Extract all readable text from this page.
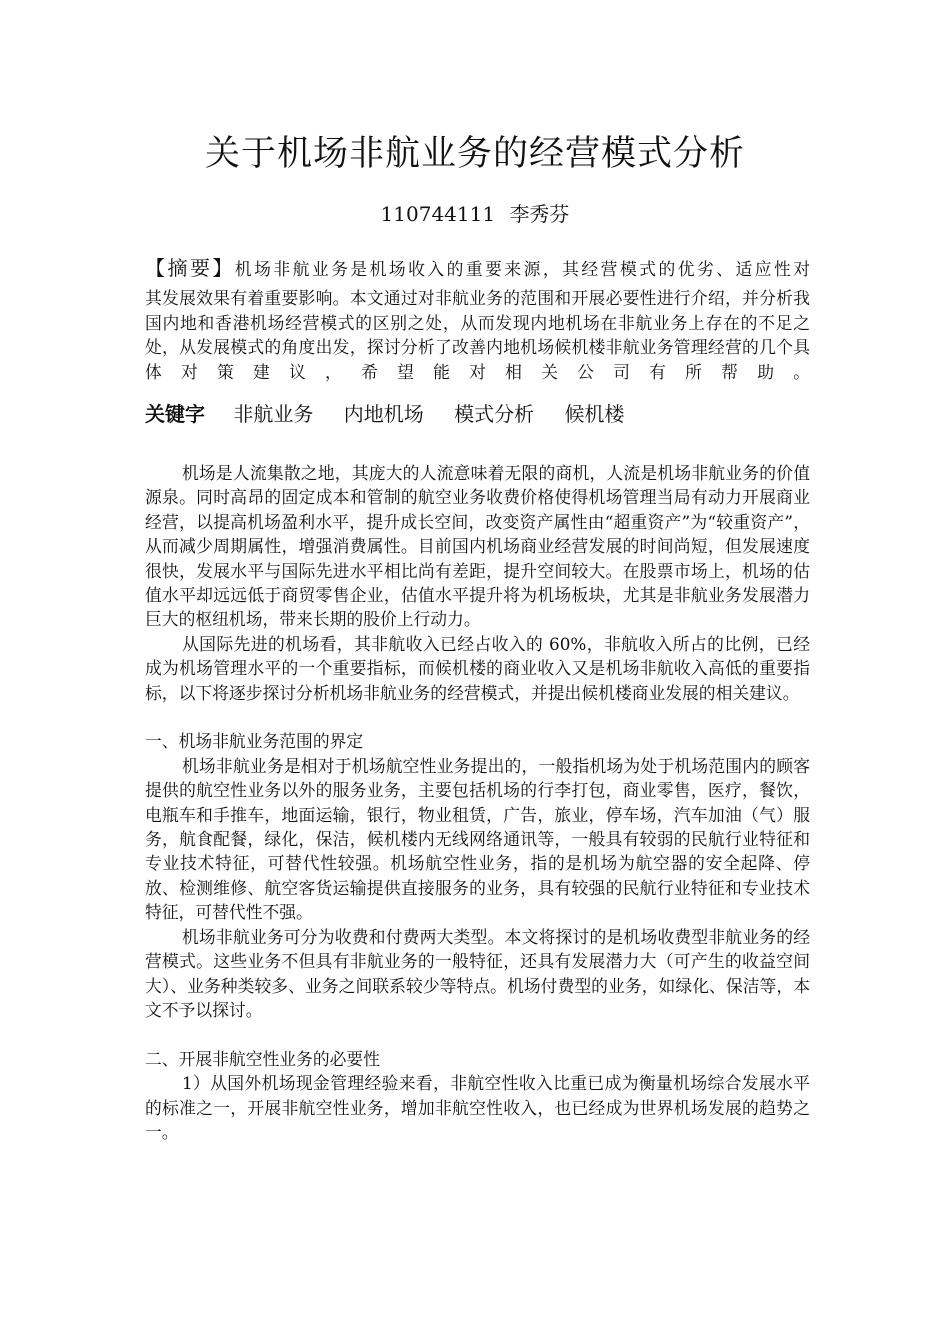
关于机场非航业务的经营模式分析
110744111 李秀芬
【摘要】机场非航业务是机场收入的重要来源，其经营模式的优劣、适应性对
其发展效果有着重要影响。本文通过对非航业务的范围和开展必要性进行介绍，并分析我国内地和香港机场经营模式的区别之处，从而发现内地机场在非航业务上存在的不足之处，从发展模式的角度出发，探讨分析了改善内地机场候机楼非航业务管理经营的几个具体对策建议，希望能对相关公司有所帮助。
关键字 非航业务 内地机场 模式分析 候机楼

机场是人流集散之地，其庞大的人流意味着无限的商机，人流是机场非航业务的价值源泉。同时高昂的固定成本和管制的航空业务收费价格使得机场管理当局有动力开展商业经营，以提高机场盈利水平，提升成长空间，改变资产属性由“超重资产”为“较重资产”，从而减少周期属性，增强消费属性。目前国内机场商业经营发展的时间尚短，但发展速度很快，发展水平与国际先进水平相比尚有差距，提升空间较大。在股票市场上，机场的估值水平却远远低于商贸零售企业，估值水平提升将为机场板块，尤其是非航业务发展潜力巨大的枢纽机场，带来长期的股价上行动力。

从国际先进的机场看，其非航收入已经占收入的 60%，非航收入所占的比例，已经成为机场管理水平的一个重要指标，而候机楼的商业收入又是机场非航收入高低的重要指标，以下将逐步探讨分析机场非航业务的经营模式，并提出候机楼商业发展的相关建议。

一、机场非航业务范围的界定

机场非航业务是相对于机场航空性业务提出的，一般指机场为处于机场范围内的顾客提供的航空性业务以外的服务业务，主要包括机场的行李打包，商业零售，医疗，餐饮，电瓶车和手推车，地面运输，银行，物业租赁，广告，旅业，停车场，汽车加油（气）服务，航食配餐，绿化，保洁，候机楼内无线网络通讯等，一般具有较弱的民航行业特征和专业技术特征，可替代性较强。机场航空性业务，指的是机场为航空器的安全起降、停放、检测维修、航空客货运输提供直接服务的业务，具有较强的民航行业特征和专业技术特征，可替代性不强。

机场非航业务可分为收费和付费两大类型。本文将探讨的是机场收费型非航业务的经营模式。这些业务不但具有非航业务的一般特征，还具有发展潜力大（可产生的收益空间大）、业务种类较多、业务之间联系较少等特点。机场付费型的业务，如绿化、保洁等，本文不予以探讨。

二、开展非航空性业务的必要性

1）从国外机场现金管理经验来看，非航空性收入比重已成为衡量机场综合发展水平的标准之一，开展非航空性业务，增加非航空性收入，也已经成为世界机场发展的趋势之一。
